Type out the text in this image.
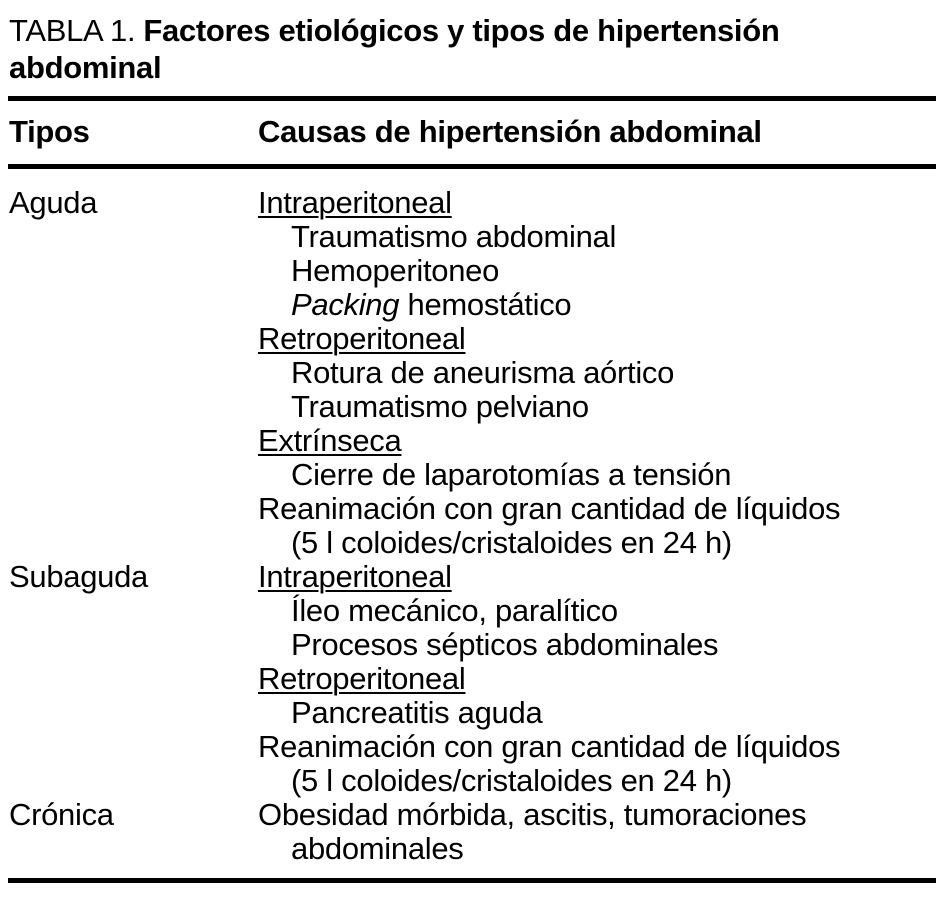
TABLA 1. Factores etiológicos y tipos de hipertensión
abdominal
Tipos	Causas de hipertensión abdominal
Aguda	Intraperitoneal
Traumatismo abdominal
Hemoperitoneo
Packing hemostático
Retroperitoneal
Rotura de aneurisma aórtico
Traumatismo pelviano
Extrínseca
Cierre de laparotomías a tensión
Reanimación con gran cantidad de líquidos
(5 l coloides/cristaloides en 24 h)
Subaguda	Intraperitoneal
Íleo mecánico, paralítico
Procesos sépticos abdominales
Retroperitoneal
Pancreatitis aguda
Reanimación con gran cantidad de líquidos
(5 l coloides/cristaloides en 24 h)
Crónica	Obesidad mórbida, ascitis, tumoraciones
abdominales
